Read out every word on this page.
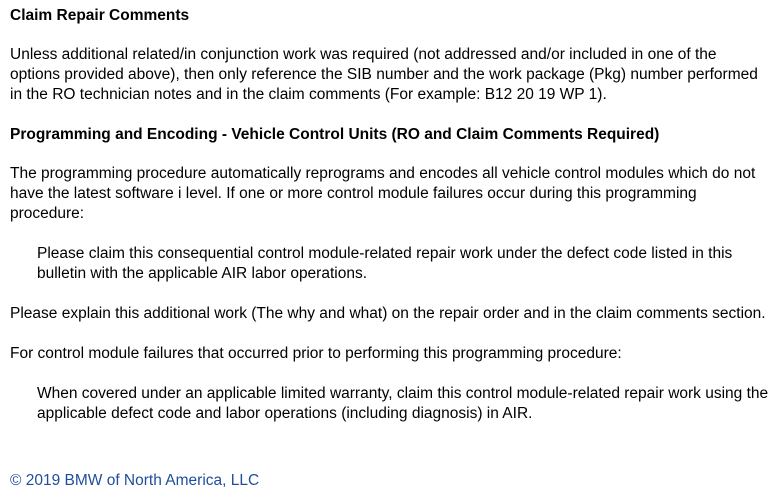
Claim Repair Comments

Unless additional related/in conjunction work was required (not addressed and/or included in one of the options provided above), then only reference the SIB number and the work package (Pkg) number performed in the RO technician notes and in the claim comments (For example: B12 20 19 WP 1).

Programming and Encoding - Vehicle Control Units (RO and Claim Comments Required)

The programming procedure automatically reprograms and encodes all vehicle control modules which do not have the latest software i level. If one or more control module failures occur during this programming procedure:

Please claim this consequential control module-related repair work under the defect code listed in this bulletin with the applicable AIR labor operations.

Please explain this additional work (The why and what) on the repair order and in the claim comments section.

For control module failures that occurred prior to performing this programming procedure:

When covered under an applicable limited warranty, claim this control module-related repair work using the applicable defect code and labor operations (including diagnosis) in AIR.

© 2019 BMW of North America, LLC
